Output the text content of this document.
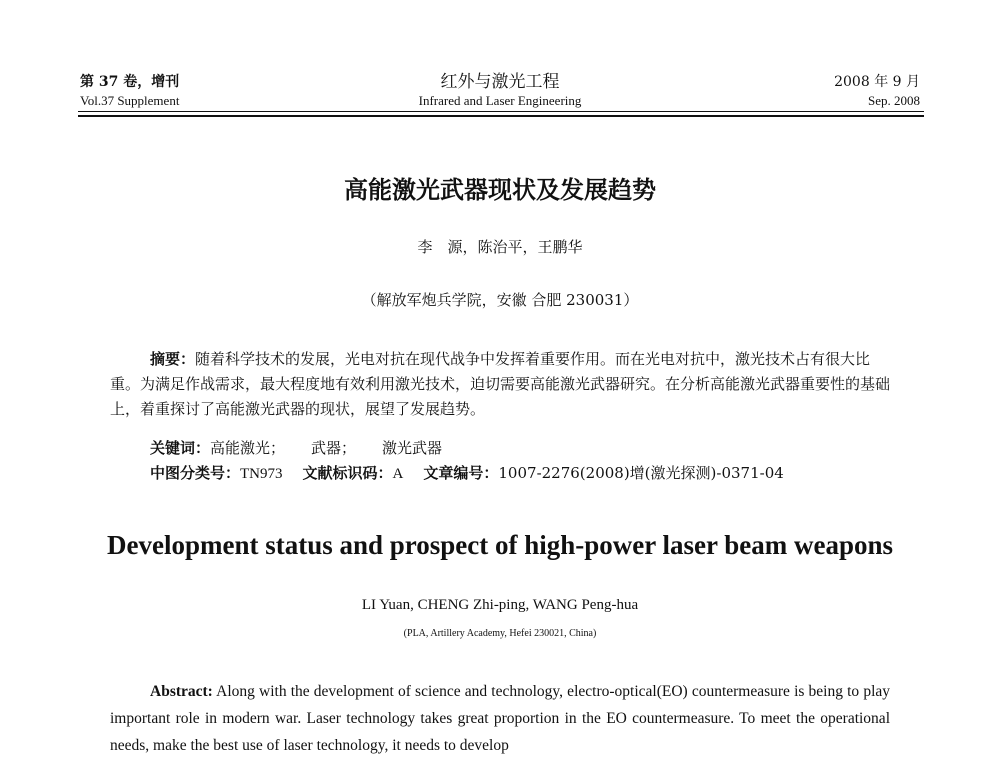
第 37 卷，增刊
Vol.37 Supplement
红外与激光工程
Infrared and Laser Engineering
2008 年 9 月
Sep. 2008
高能激光武器现状及发展趋势
李　源，陈治平，王鹏华
（解放军炮兵学院，安徽 合肥 230031）
摘要：随着科学技术的发展，光电对抗在现代战争中发挥着重要作用。而在光电对抗中，激光技术占有很大比重。为满足作战需求，最大程度地有效利用激光技术，迫切需要高能激光武器研究。在分析高能激光武器重要性的基础上，着重探讨了高能激光武器的现状，展望了发展趋势。
关键词：高能激光； 武器； 激光武器
中图分类号：TN973 文献标识码：A 文章编号：1007-2276(2008)增(激光探测)-0371-04
Development status and prospect of high-power laser beam weapons
LI Yuan, CHENG Zhi-ping, WANG Peng-hua
(PLA, Artillery Academy, Hefei 230021, China)
Abstract: Along with the development of science and technology, electro-optical(EO) countermeasure is being to play important role in modern war. Laser technology takes great proportion in the EO countermeasure. To meet the operational needs, make the best use of laser technology, it needs to develop
